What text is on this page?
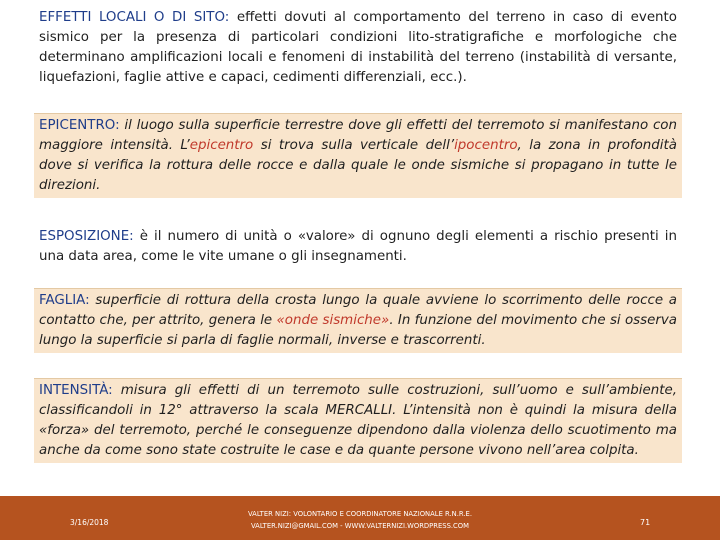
EFFETTI LOCALI O DI SITO: effetti dovuti al comportamento del terreno in caso di evento sismico per la presenza di particolari condizioni lito-stratigrafiche e morfologiche che determinano amplificazioni locali e fenomeni di instabilità del terreno (instabilità di versante, liquefazioni, faglie attive e capaci, cedimenti differenziali, ecc.).
EPICENTRO: il luogo sulla superficie terrestre dove gli effetti del terremoto si manifestano con maggiore intensità. L’epicentro si trova sulla verticale dell’ipocentro, la zona in profondità dove si verifica la rottura delle rocce e dalla quale le onde sismiche si propagano in tutte le direzioni.
ESPOSIZIONE: è il numero di unità o «valore» di ognuno degli elementi a rischio presenti in una data area, come le vite umane o gli insegnamenti.
FAGLIA: superficie di rottura della crosta lungo la quale avviene lo scorrimento delle rocce a contatto che, per attrito, genera le «onde sismiche». In funzione del movimento che si osserva lungo la superficie si parla di faglie normali, inverse e trascorrenti.
INTENSITÀ: misura gli effetti di un terremoto sulle costruzioni, sull’uomo e sull’ambiente, classificandoli in 12° attraverso la scala MERCALLI. L’intensità non è quindi la misura della «forza» del terremoto, perché le conseguenze dipendono dalla violenza dello scuotimento ma anche da come sono state costruite le case e da quante persone vivono nell’area colpita.
3/16/2018
VALTER NIZI: VOLONTARIO E COORDINATORE NAZIONALE R.N.R.E.
VALTER.NIZI@GMAIL.COM - WWW.VALTERNIZI.WORDPRESS.COM	71
